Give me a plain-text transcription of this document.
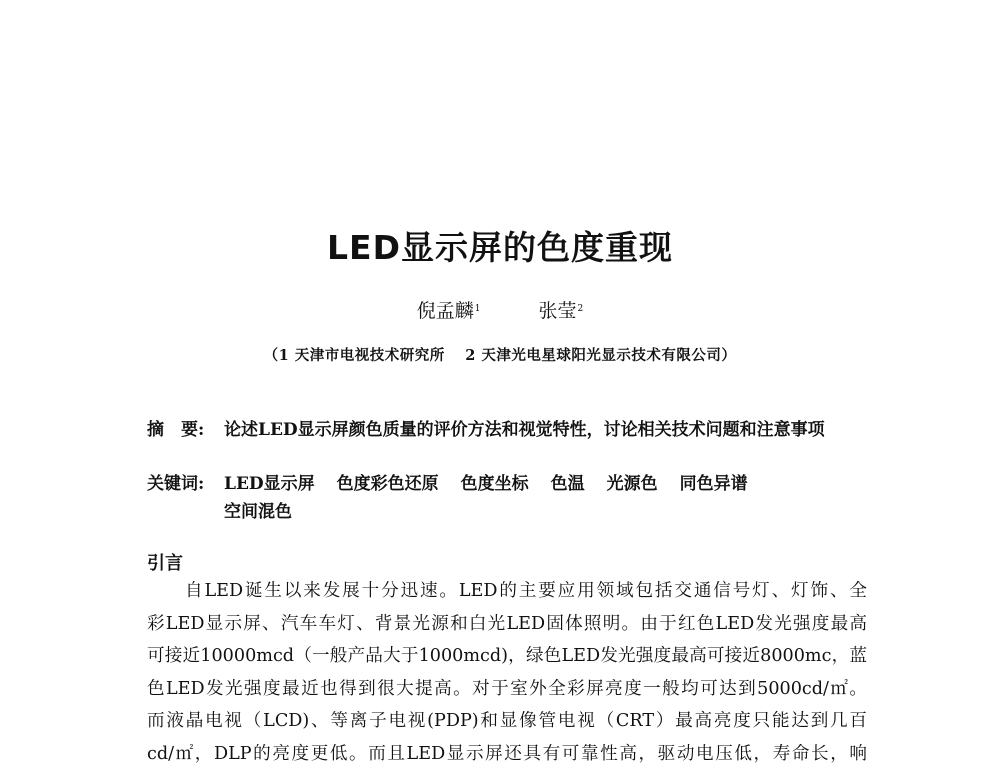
LED显示屏的色度重现
倪孟麟$^1$	张莹$^2$
（1 天津市电视技术研究所　 2 天津光电星球阳光显示技术有限公司）
摘　要:	论述LED显示屏颜色质量的评价方法和视觉特性，讨论相关技术问题和注意事项
关键词:	LED显示屏 色度彩色还原 色度坐标 色温 光源色 同色异谱
空间混色
引言
自LED诞生以来发展十分迅速。LED的主要应用领域包括交通信号灯、灯饰、全
彩LED显示屏、汽车车灯、背景光源和白光LED固体照明。由于红色LED发光强度最高
可接近10000mcd（一般产品大于1000mcd)，绿色LED发光强度最高可接近8000mc，蓝
色LED发光强度最近也得到很大提高。对于室外全彩屏亮度一般均可达到5000cd/㎡。
而液晶电视（LCD)、等离子电视(PDP)和显像管电视（CRT）最高亮度只能达到几百
cd/㎡，DLP的亮度更低。而且LED显示屏还具有可靠性高，驱动电压低，寿命长，响
